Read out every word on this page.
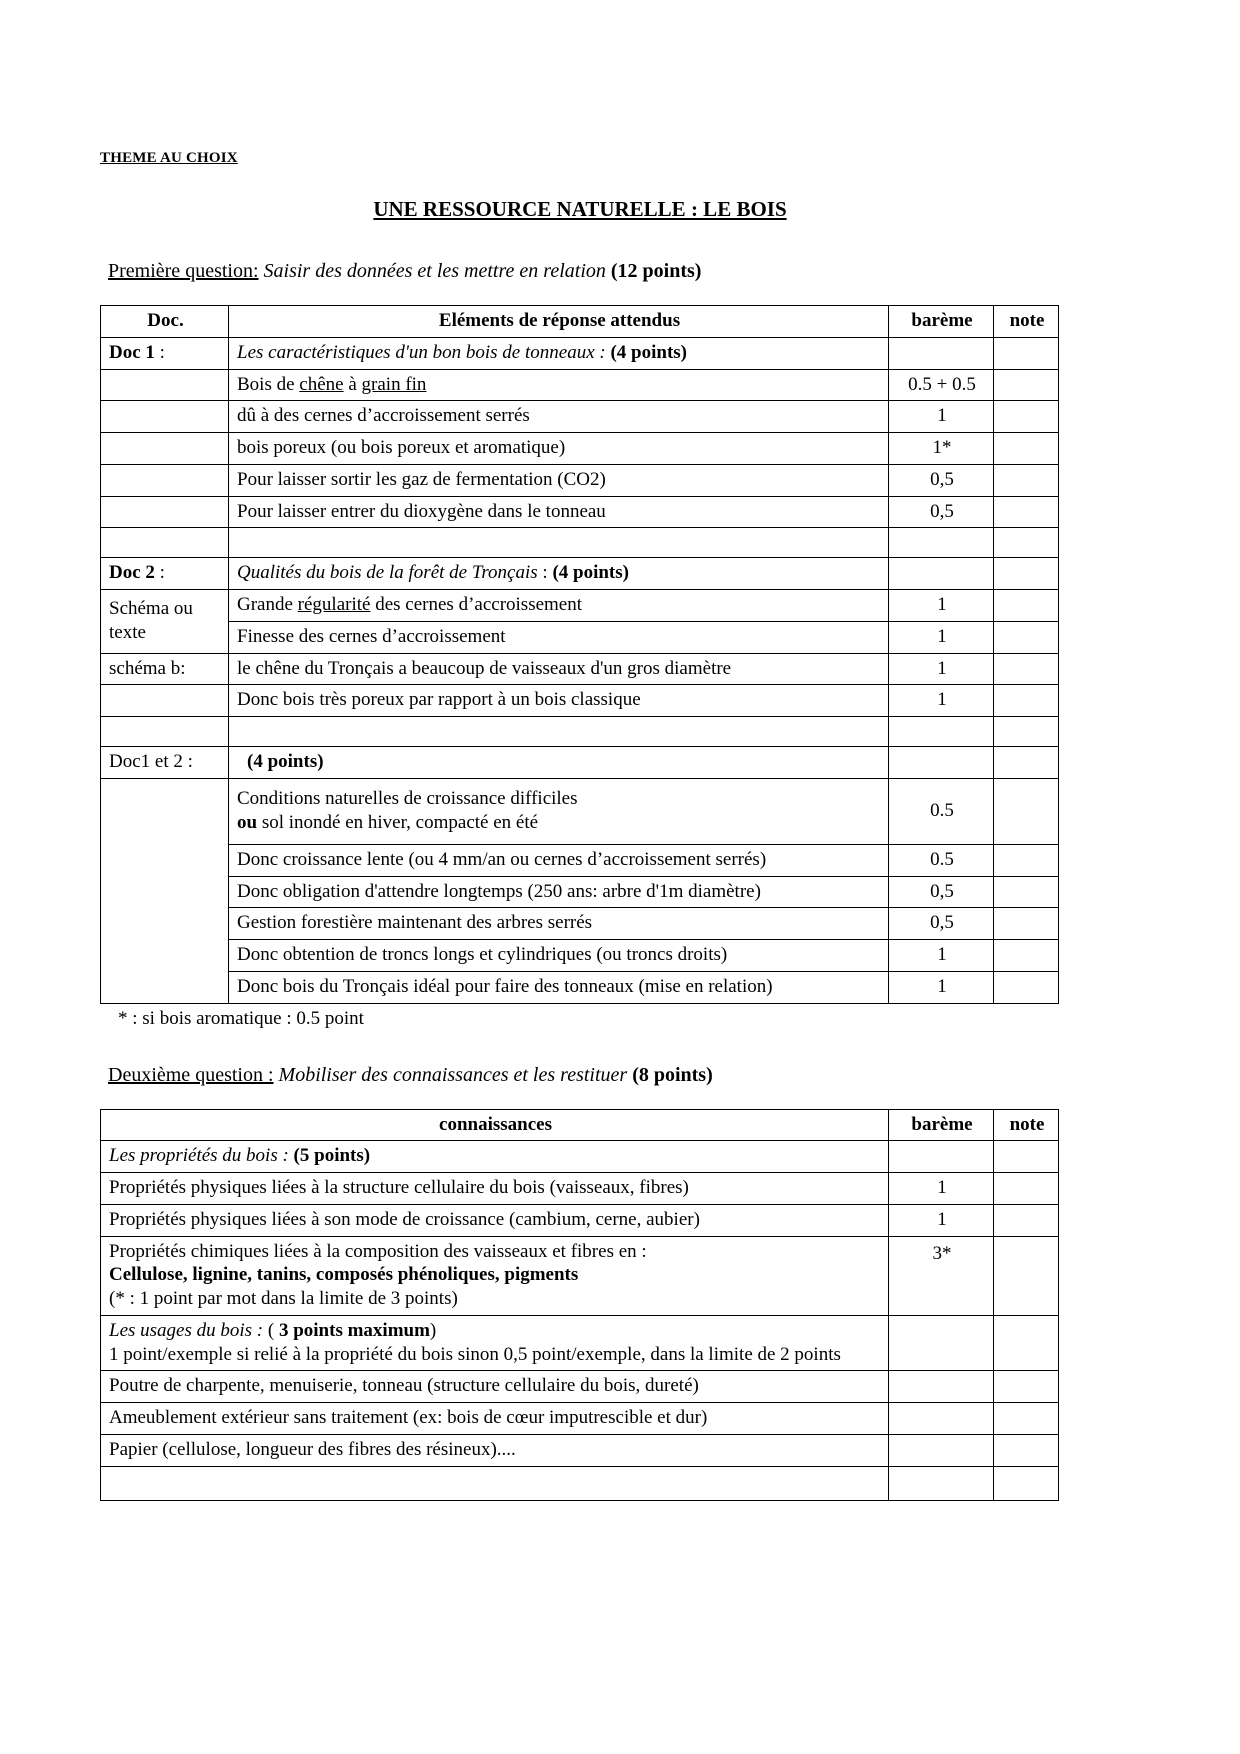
THEME AU CHOIX
UNE RESSOURCE NATURELLE : LE BOIS
Première question: Saisir des données et les mettre en relation (12 points)
Doc.	Eléments de réponse attendus	barème	note
Doc 1 :	Les caractéristiques d'un bon bois de tonneaux : (4 points)		
	Bois de chêne à grain fin	0.5 + 0.5	
	dû à des cernes d’accroissement serrés	1	
	bois poreux (ou bois poreux et aromatique)	1*	
	Pour laisser sortir les gaz de fermentation (CO2)	0,5	
	Pour laisser entrer du dioxygène dans le tonneau	0,5	

Doc 2 :	Qualités du bois de la forêt de Tronçais : (4 points)		
Schéma ou texte	Grande régularité des cernes d’accroissement	1	
	Finesse des cernes d’accroissement	1	
schéma b:	le chêne du Tronçais a beaucoup de vaisseaux d'un gros diamètre	1	
	Donc bois très poreux par rapport à un bois classique	1	

Doc1 et 2 :	(4 points)		

	Conditions naturelles de croissance difficiles
ou sol inondé en hiver, compacté en été	0.5	
	Donc croissance lente (ou 4 mm/an ou cernes d’accroissement serrés)	0.5	
	Donc obligation d'attendre longtemps (250 ans: arbre d'1m diamètre)	0,5	
	Gestion forestière maintenant des arbres serrés	0,5	
	Donc obtention de troncs longs et cylindriques (ou troncs droits)	1	
	Donc bois du Tronçais idéal pour faire des tonneaux (mise en relation)	1	
* : si bois aromatique : 0.5 point
Deuxième question : Mobiliser des connaissances et les restituer (8 points)
connaissances	barème	note
Les propriétés du bois : (5 points)		
Propriétés physiques liées à la structure cellulaire du bois (vaisseaux, fibres)	1	
Propriétés physiques liées à son mode de croissance (cambium, cerne, aubier)	1	

Propriétés chimiques liées à la composition des vaisseaux et fibres en :
Cellulose, lignine, tanins, composés phénoliques, pigments
(* : 1 point par mot dans la limite de 3 points)	3*	

Les usages du bois : ( 3 points maximum)
1 point/exemple si relié à la propriété du bois sinon 0,5 point/exemple, dans la limite de 2 points		

Poutre de charpente, menuiserie, tonneau (structure cellulaire du bois, dureté)		
Ameublement extérieur sans traitement (ex: bois de cœur imputrescible et dur)		
Papier (cellulose, longueur des fibres des résineux)....		
